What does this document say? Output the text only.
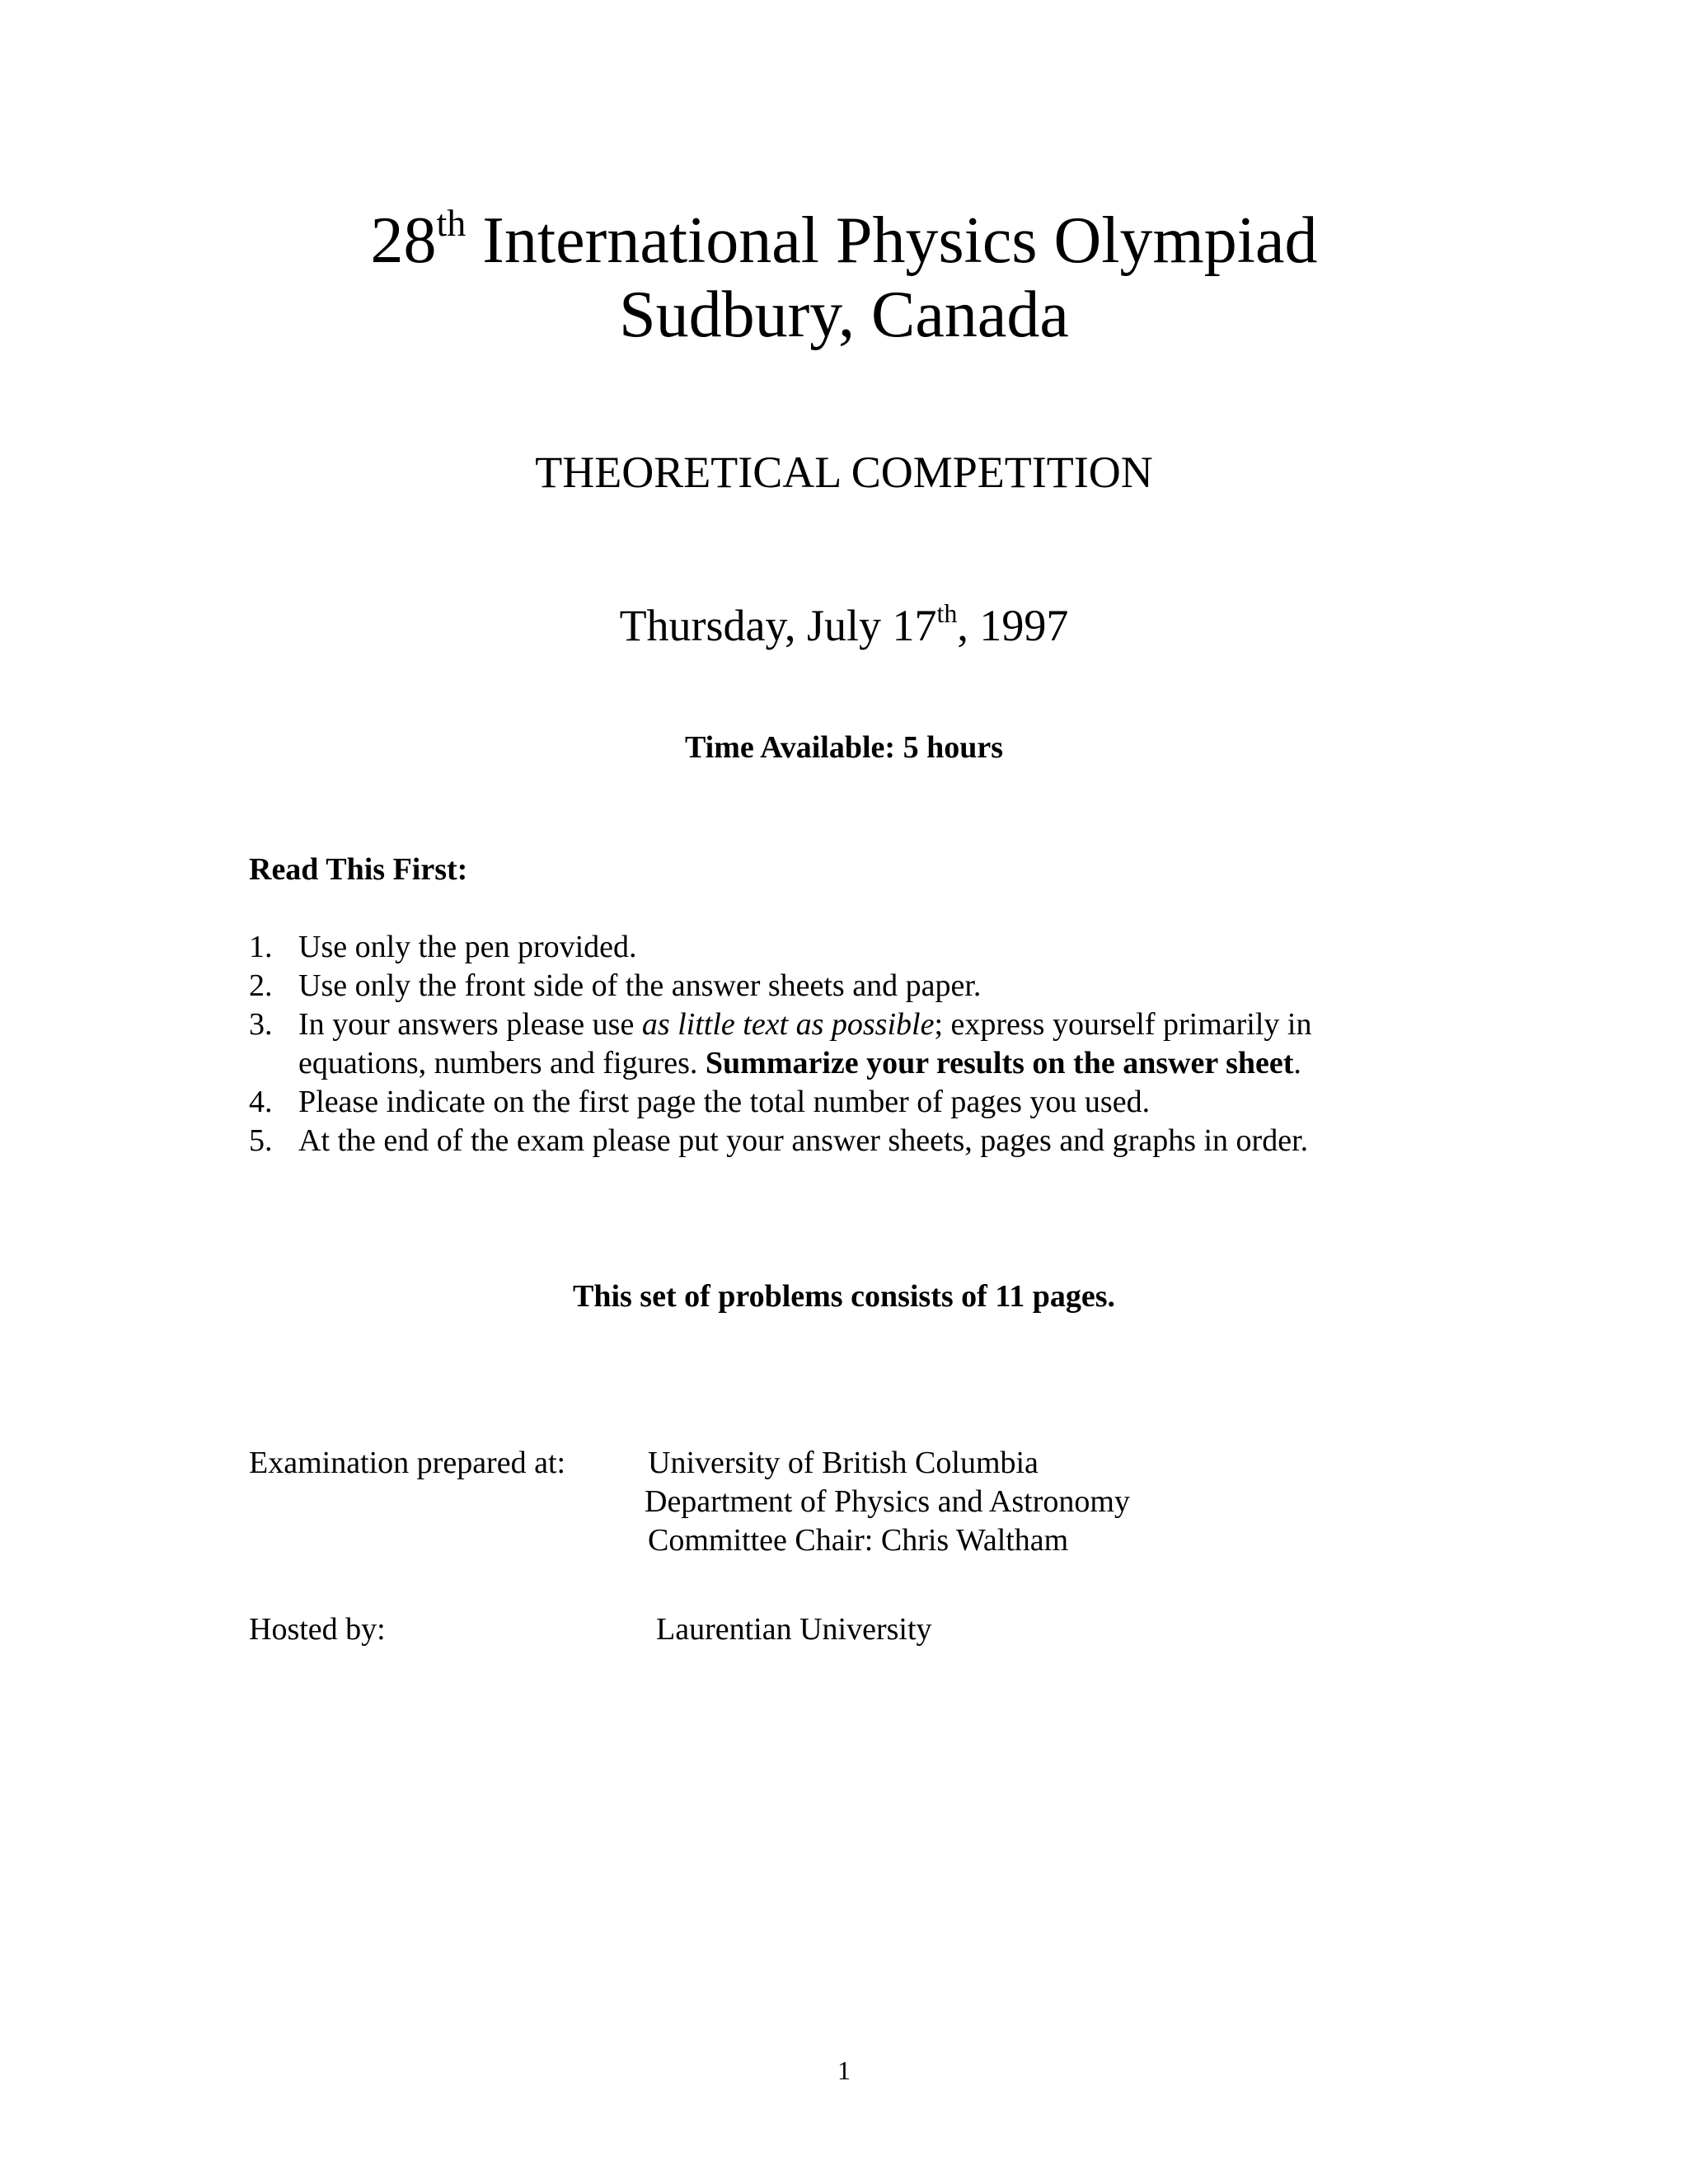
28th International Physics Olympiad
Sudbury, Canada
THEORETICAL COMPETITION
Thursday, July 17th, 1997
Time Available: 5 hours
Read This First:
1. Use only the pen provided.
2. Use only the front side of the answer sheets and paper.
3. In your answers please use as little text as possible; express yourself primarily in equations, numbers and figures. Summarize your results on the answer sheet.
4. Please indicate on the first page the total number of pages you used.
5. At the end of the exam please put your answer sheets, pages and graphs in order.
This set of problems consists of 11 pages.
Examination prepared at:	University of British Columbia
Department of Physics and Astronomy
Committee Chair: Chris Waltham
Hosted by:	Laurentian University
1
